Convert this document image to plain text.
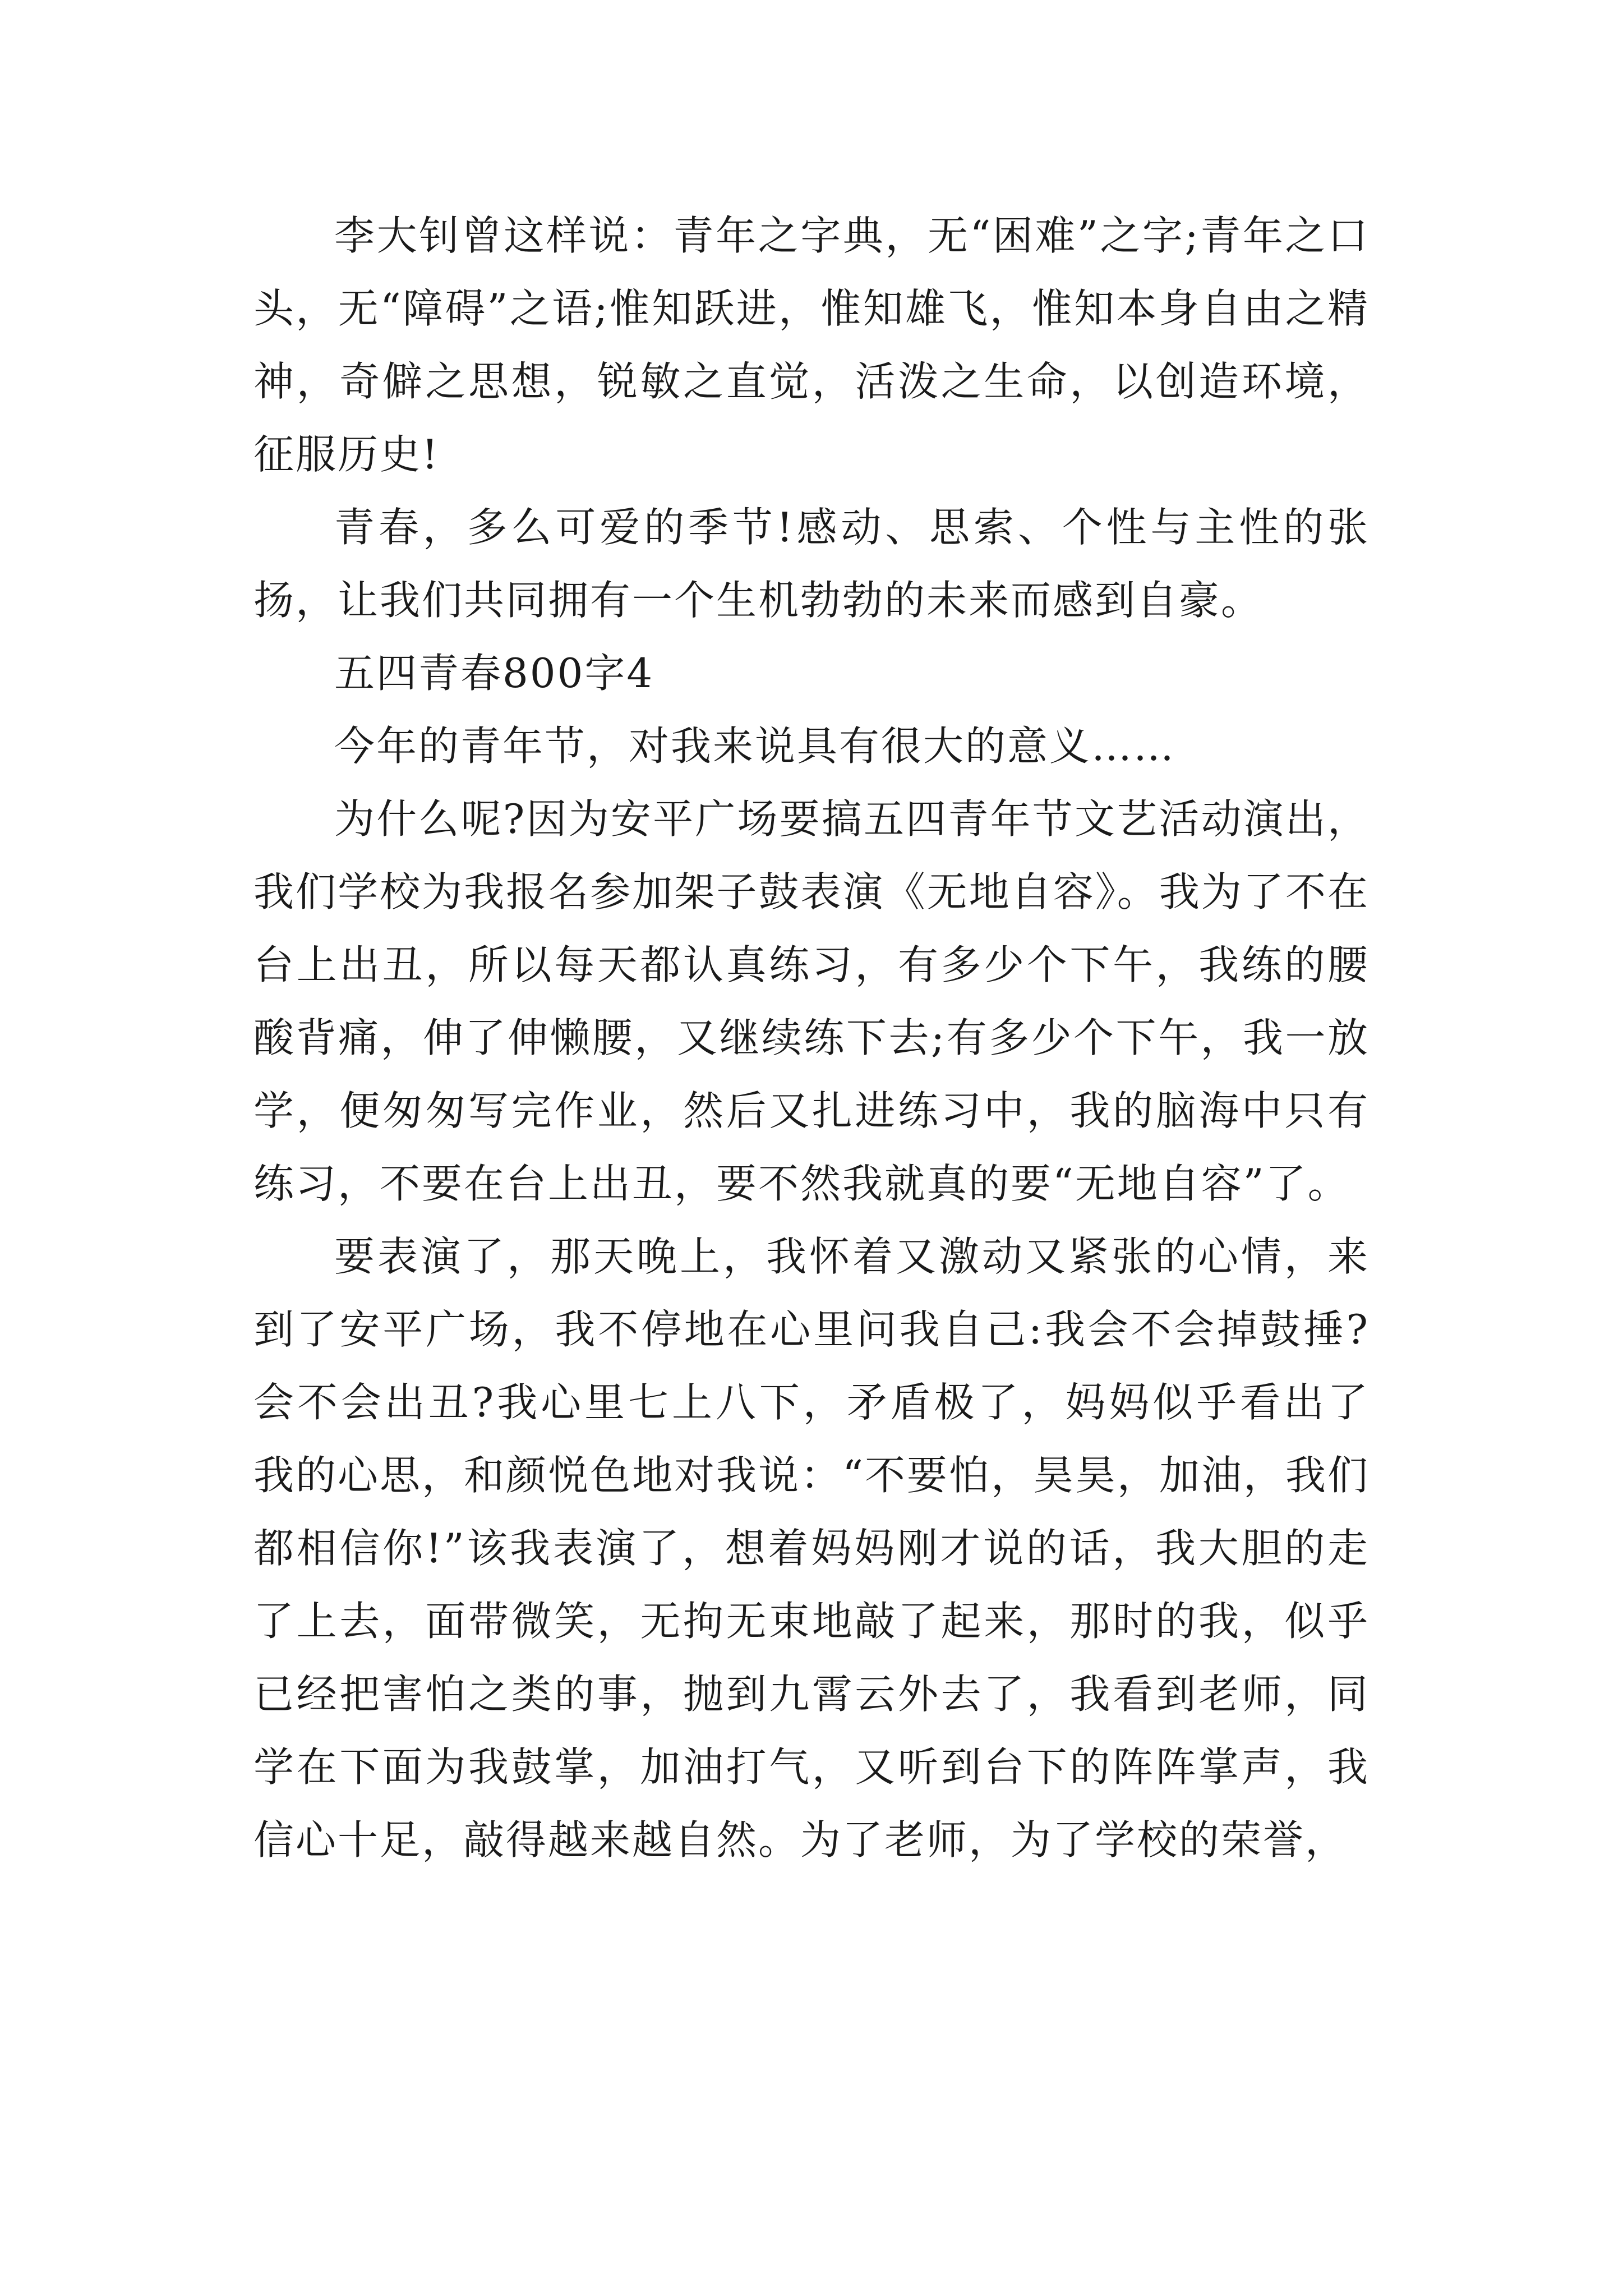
李大钊曾这样说：青年之字典，无“困难”之字;青年之口头，无“障碍”之语;惟知跃进，惟知雄飞，惟知本身自由之精神，奇僻之思想，锐敏之直觉，活泼之生命，以创造环境，征服历史!

青春，多么可爱的季节!感动、思索、个性与主性的张扬，让我们共同拥有一个生机勃勃的未来而感到自豪。

五四青春800字4

今年的青年节，对我来说具有很大的意义……

为什么呢?因为安平广场要搞五四青年节文艺活动演出，我们学校为我报名参加架子鼓表演《无地自容》。我为了不在台上出丑，所以每天都认真练习，有多少个下午，我练的腰酸背痛，伸了伸懒腰，又继续练下去;有多少个下午，我一放学，便匆匆写完作业，然后又扎进练习中，我的脑海中只有练习，不要在台上出丑，要不然我就真的要“无地自容”了。

要表演了，那天晚上，我怀着又激动又紧张的心情，来到了安平广场，我不停地在心里问我自己:我会不会掉鼓捶?会不会出丑?我心里七上八下，矛盾极了，妈妈似乎看出了我的心思，和颜悦色地对我说：“不要怕，昊昊，加油，我们都相信你!”该我表演了，想着妈妈刚才说的话，我大胆的走了上去，面带微笑，无拘无束地敲了起来，那时的我，似乎已经把害怕之类的事，抛到九霄云外去了，我看到老师，同学在下面为我鼓掌，加油打气，又听到台下的阵阵掌声，我信心十足，敲得越来越自然。为了老师，为了学校的荣誉，
